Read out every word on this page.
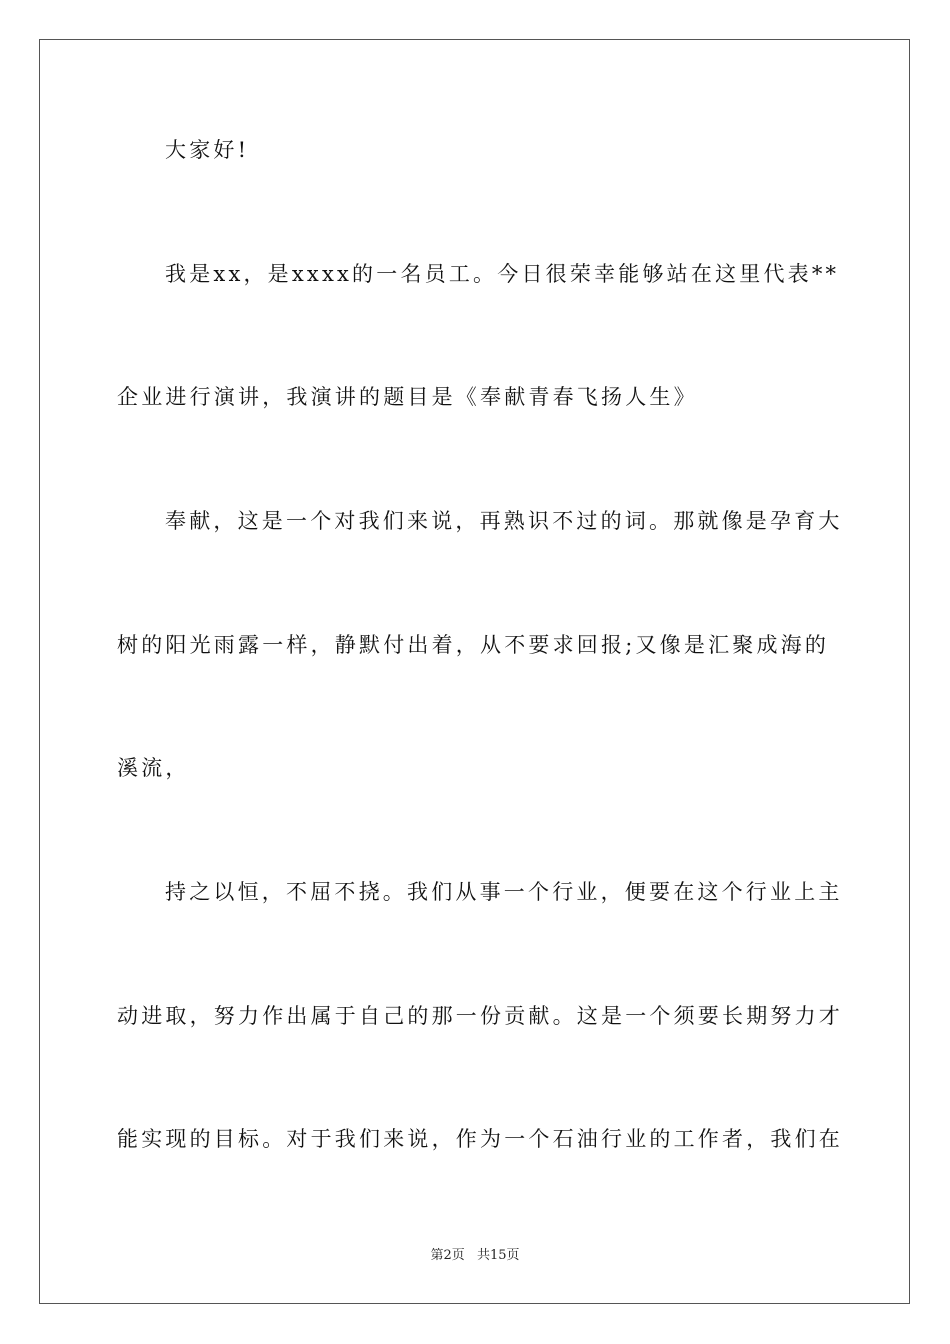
大家好!
我是xx，是xxxx的一名员工。今日很荣幸能够站在这里代表**
企业进行演讲，我演讲的题目是《奉献青春飞扬人生》
奉献，这是一个对我们来说，再熟识不过的词。那就像是孕育大
树的阳光雨露一样，静默付出着，从不要求回报;又像是汇聚成海的
溪流，
持之以恒，不屈不挠。我们从事一个行业，便要在这个行业上主
动进取，努力作出属于自己的那一份贡献。这是一个须要长期努力才
能实现的目标。对于我们来说，作为一个石油行业的工作者，我们在
第2页 共15页
